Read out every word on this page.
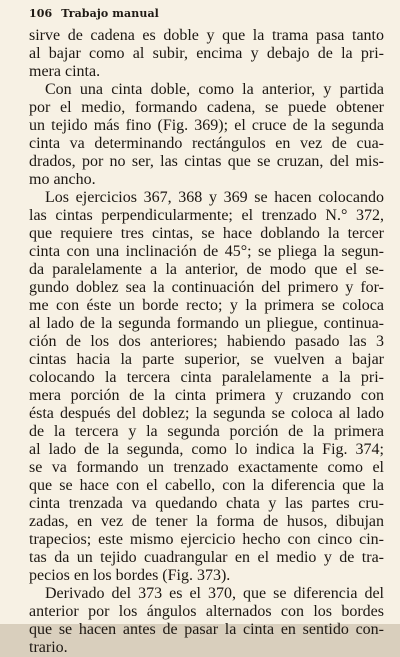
106 Trabajo manual
sirve de cadena es doble y que la trama pasa tanto
al bajar como al subir, encima y debajo de la pri-
mera cinta.
Con una cinta doble, como la anterior, y partida
por el medio, formando cadena, se puede obtener
un tejido más fino (Fig. 369); el cruce de la segunda
cinta va determinando rectángulos en vez de cua-
drados, por no ser, las cintas que se cruzan, del mis-
mo ancho.
Los ejercicios 367, 368 y 369 se hacen colocando
las cintas perpendicularmente; el trenzado N.° 372,
que requiere tres cintas, se hace doblando la tercer
cinta con una inclinación de 45°; se pliega la segun-
da paralelamente a la anterior, de modo que el se-
gundo doblez sea la continuación del primero y for-
me con éste un borde recto; y la primera se coloca
al lado de la segunda formando un pliegue, continua-
ción de los dos anteriores; habiendo pasado las 3
cintas hacia la parte superior, se vuelven a bajar
colocando la tercera cinta paralelamente a la pri-
mera porción de la cinta primera y cruzando con
ésta después del doblez; la segunda se coloca al lado
de la tercera y la segunda porción de la primera
al lado de la segunda, como lo indica la Fig. 374;
se va formando un trenzado exactamente como el
que se hace con el cabello, con la diferencia que la
cinta trenzada va quedando chata y las partes cru-
zadas, en vez de tener la forma de husos, dibujan
trapecios; este mismo ejercicio hecho con cinco cin-
tas da un tejido cuadrangular en el medio y de tra-
pecios en los bordes (Fig. 373).
Derivado del 373 es el 370, que se diferencia del
anterior por los ángulos alternados con los bordes
que se hacen antes de pasar la cinta en sentido con-
trario.
